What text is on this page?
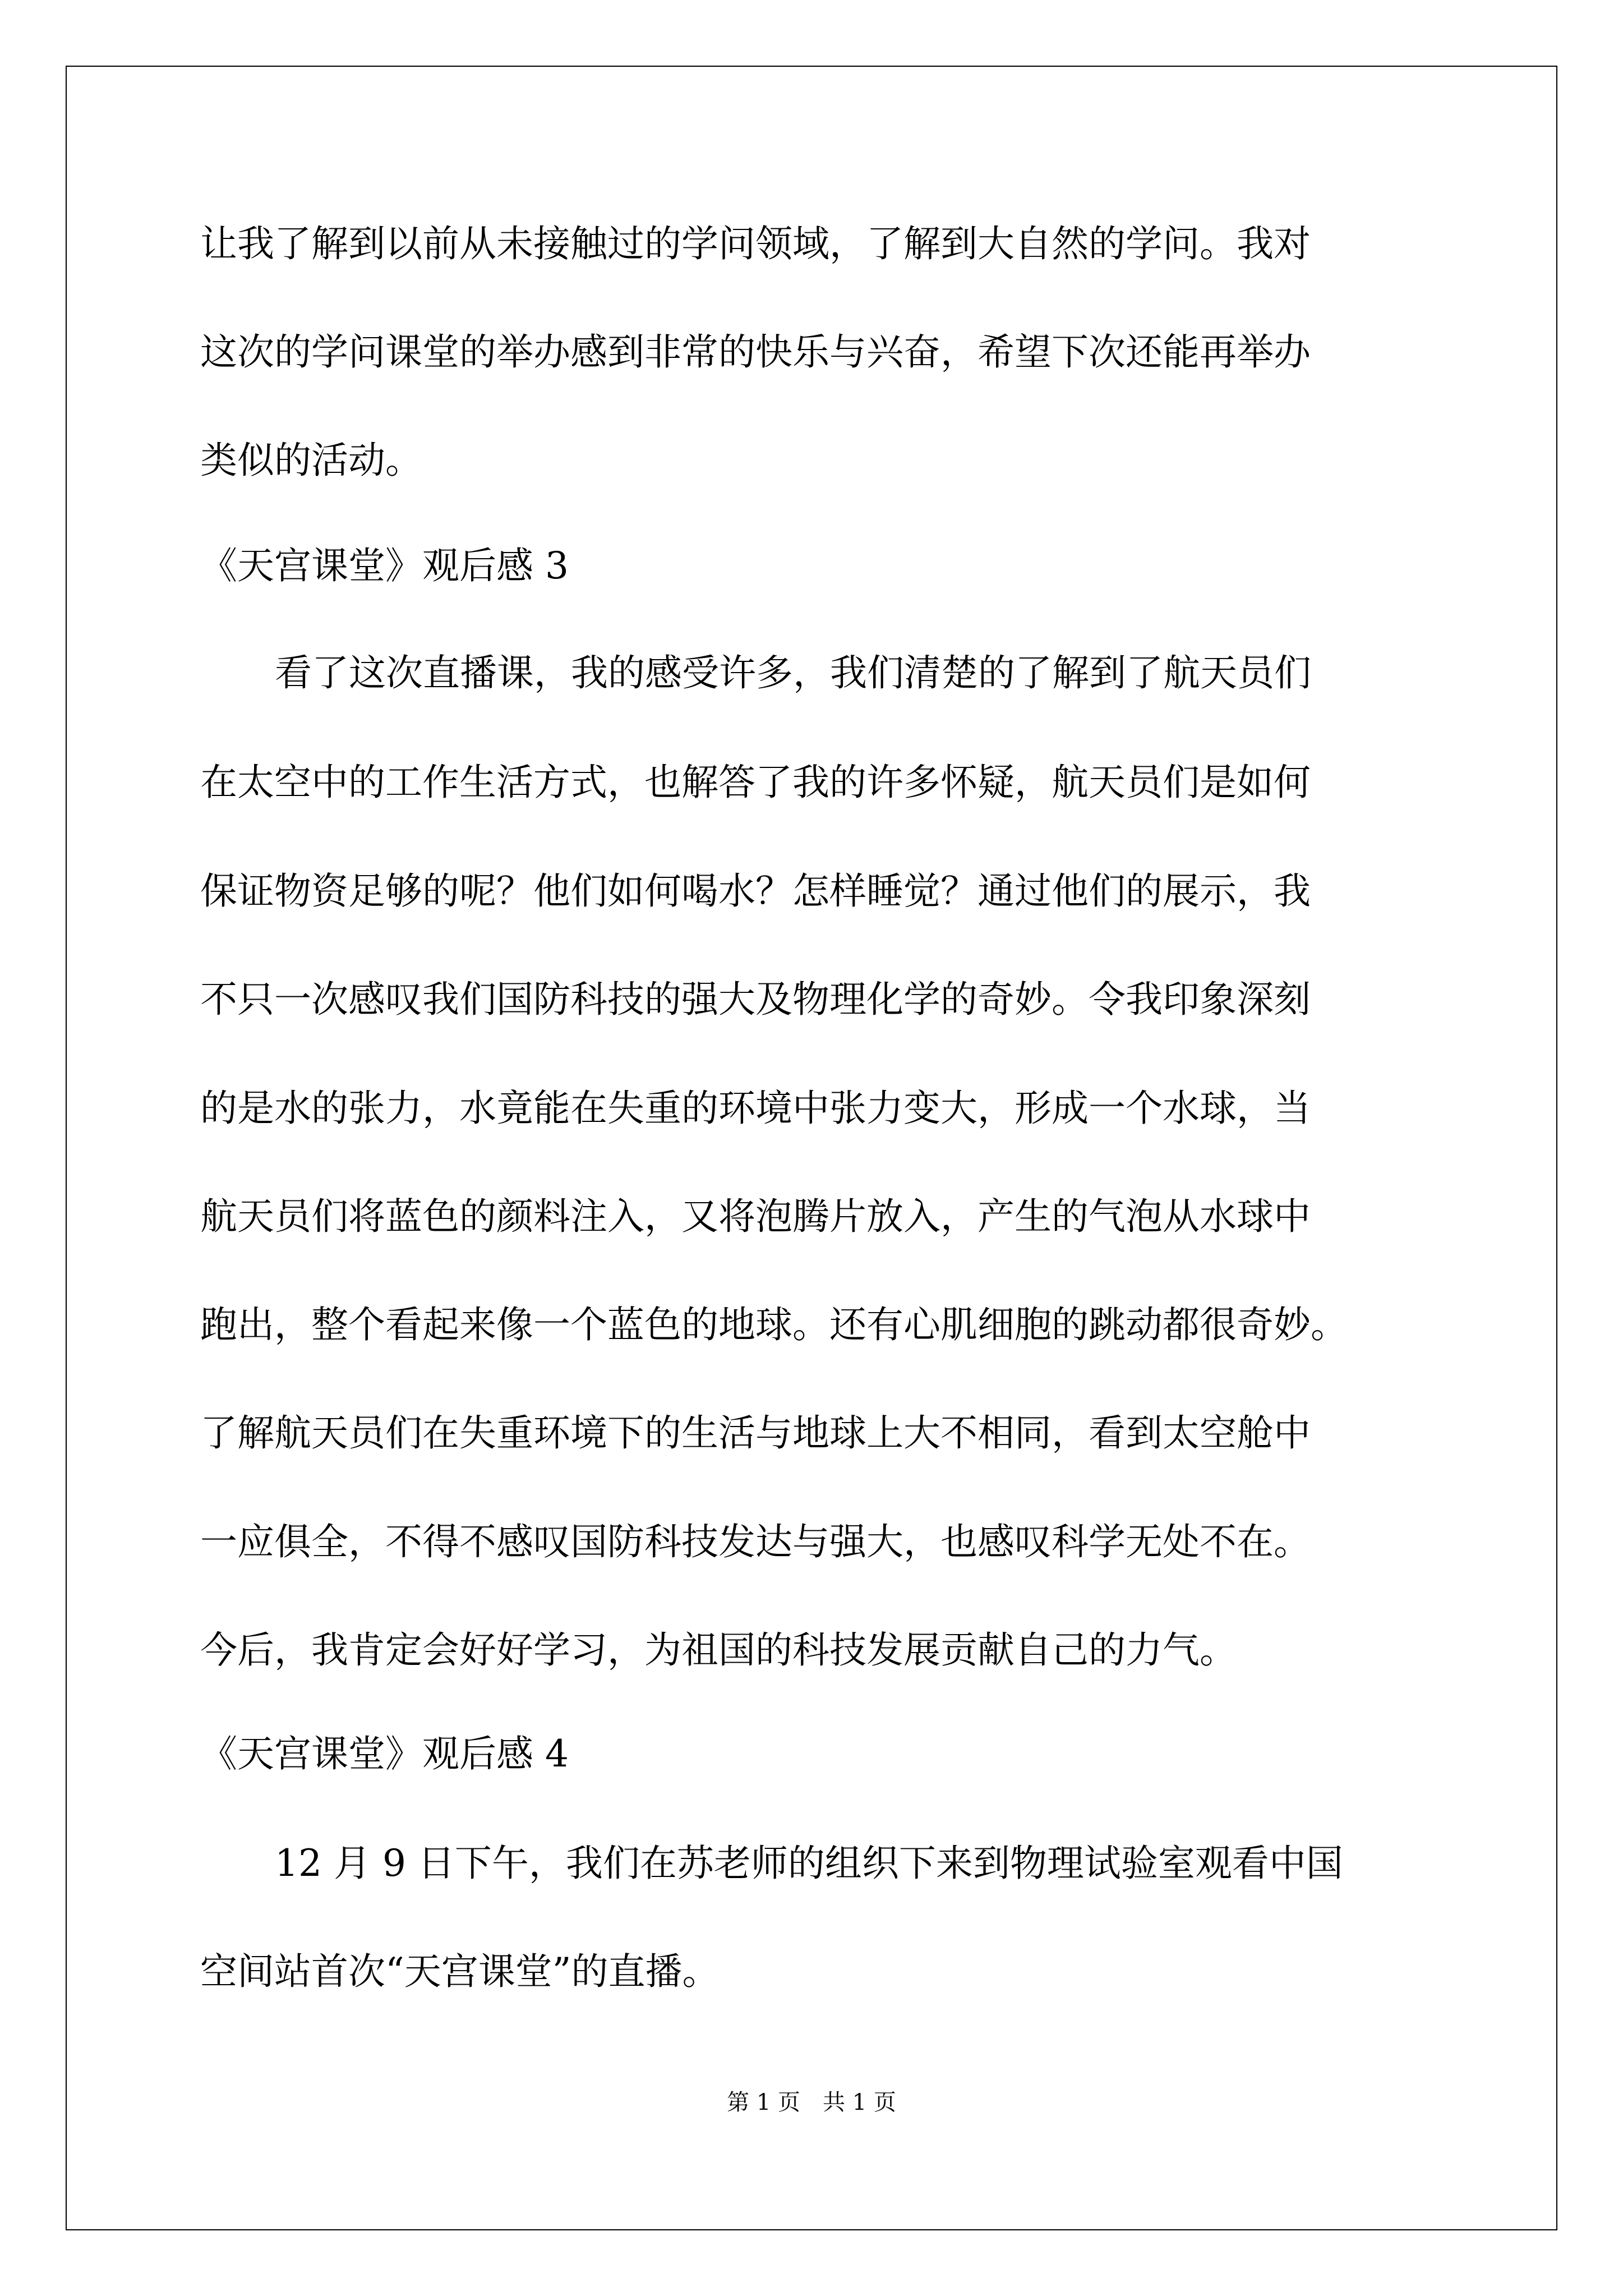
让我了解到以前从未接触过的学问领域，了解到大自然的学问。我对

这次的学问课堂的举办感到非常的快乐与兴奋，希望下次还能再举办

类似的活动。

《天宫课堂》观后感 3

看了这次直播课，我的感受许多，我们清楚的了解到了航天员们

在太空中的工作生活方式，也解答了我的许多怀疑，航天员们是如何

保证物资足够的呢？他们如何喝水？怎样睡觉？通过他们的展示，我

不只一次感叹我们国防科技的强大及物理化学的奇妙。令我印象深刻

的是水的张力，水竟能在失重的环境中张力变大，形成一个水球，当

航天员们将蓝色的颜料注入，又将泡腾片放入，产生的气泡从水球中

跑出，整个看起来像一个蓝色的地球。还有心肌细胞的跳动都很奇妙。

了解航天员们在失重环境下的生活与地球上大不相同，看到太空舱中

一应俱全，不得不感叹国防科技发达与强大，也感叹科学无处不在。

今后，我肯定会好好学习，为祖国的科技发展贡献自己的力气。

《天宫课堂》观后感 4

12 月 9 日下午，我们在苏老师的组织下来到物理试验室观看中国

空间站首次“天宫课堂”的直播。

第 1 页　共 1 页
